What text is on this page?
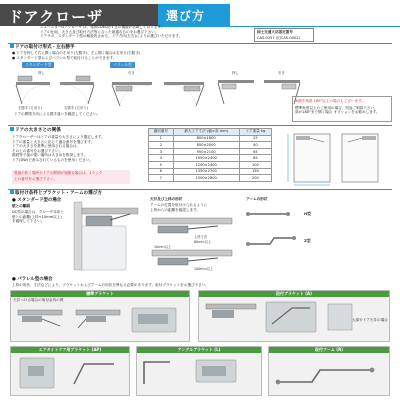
ドアクローザ	選び方
ニュースターDアクローザ は、強固CDEL防す止の機能が搭載しております。
ドアの仕組、大きさ及び取付方法等に合った最適なものをお選び下さい。
ドアサポ、スタンダード型の解説的止め方、ドア方向(左右)によりお選びいただけます。
国土交通大臣認定番号
CAS-0257 (旧CAS-0002)
ドアの取付け形式・左右勝手
● ドアを押して右に開く場合の左吊り(左勝手)、左に開く場合は右吊り(右勝手)
● スタンダード型およびパラレル型で取付けることができます。
スタンダード型	パラレル型
左勝手 (左吊り)	右勝手 (右吊り)
押し	引き	押し	引き
ドアの開閉方向による勝手違いを確認してください。
※開き角度 180°以上の場合もございます。
標準角度以上のご使用の場合、別途ご相談下さい。
扉が180°まで開く場合 オプションをお勧めします。
ドアの大きさとの関係
ドアクローザーはドアの重量や大きさにより選定します。
ドアの重量と大きさに応じて適合番号を選びます。
ドアの大きさを基準に使用される場合は、
その上の番号をお選び下さい。
階段等で風の強い場所は大きめを推奨します。
ドア(DW)で表示されているものを使用ください。
強風の吹く場所やドアの開閉が頻繁な場合は、1ランク
上の番号をお選び下さい。
適用番号	最大ドア寸法 (幅×高 mm)	ドア重量 kg
1	800×1800	25
2	850×2000	40
3	950×2100	65
4	1050×2400	85
5	1200×2400	100
6	1350×2700	150
7	1500×2800	200
取付け条件とブラケット・アームの選び方
● スタンダード型の場合
壁との離隔
DC型の場合は、クローザ本体と
壁との距離(上枠+10mm以上)
を確保して下さい。
天井及び上枠の形状
アームの位置を取付けられるように
上枠からの距離を確認します。
上枠寸法
80mm以上
100mm以上
10mm以上
アームの形状
H型
Z型
● パラレル型の場合
上枠の形状、寸法などにより、ブラケットおよびアームの形状を異なる必要があります。取付ブラケットをお選び下さい。
標準ブラケット
天井つける場合の取付金具の例
段付ブラケット (A)
大扉やドア天井の場合
エアタイトドア用ブラケット (AP)	アングルブラケット (L)	段付アーム (R)
